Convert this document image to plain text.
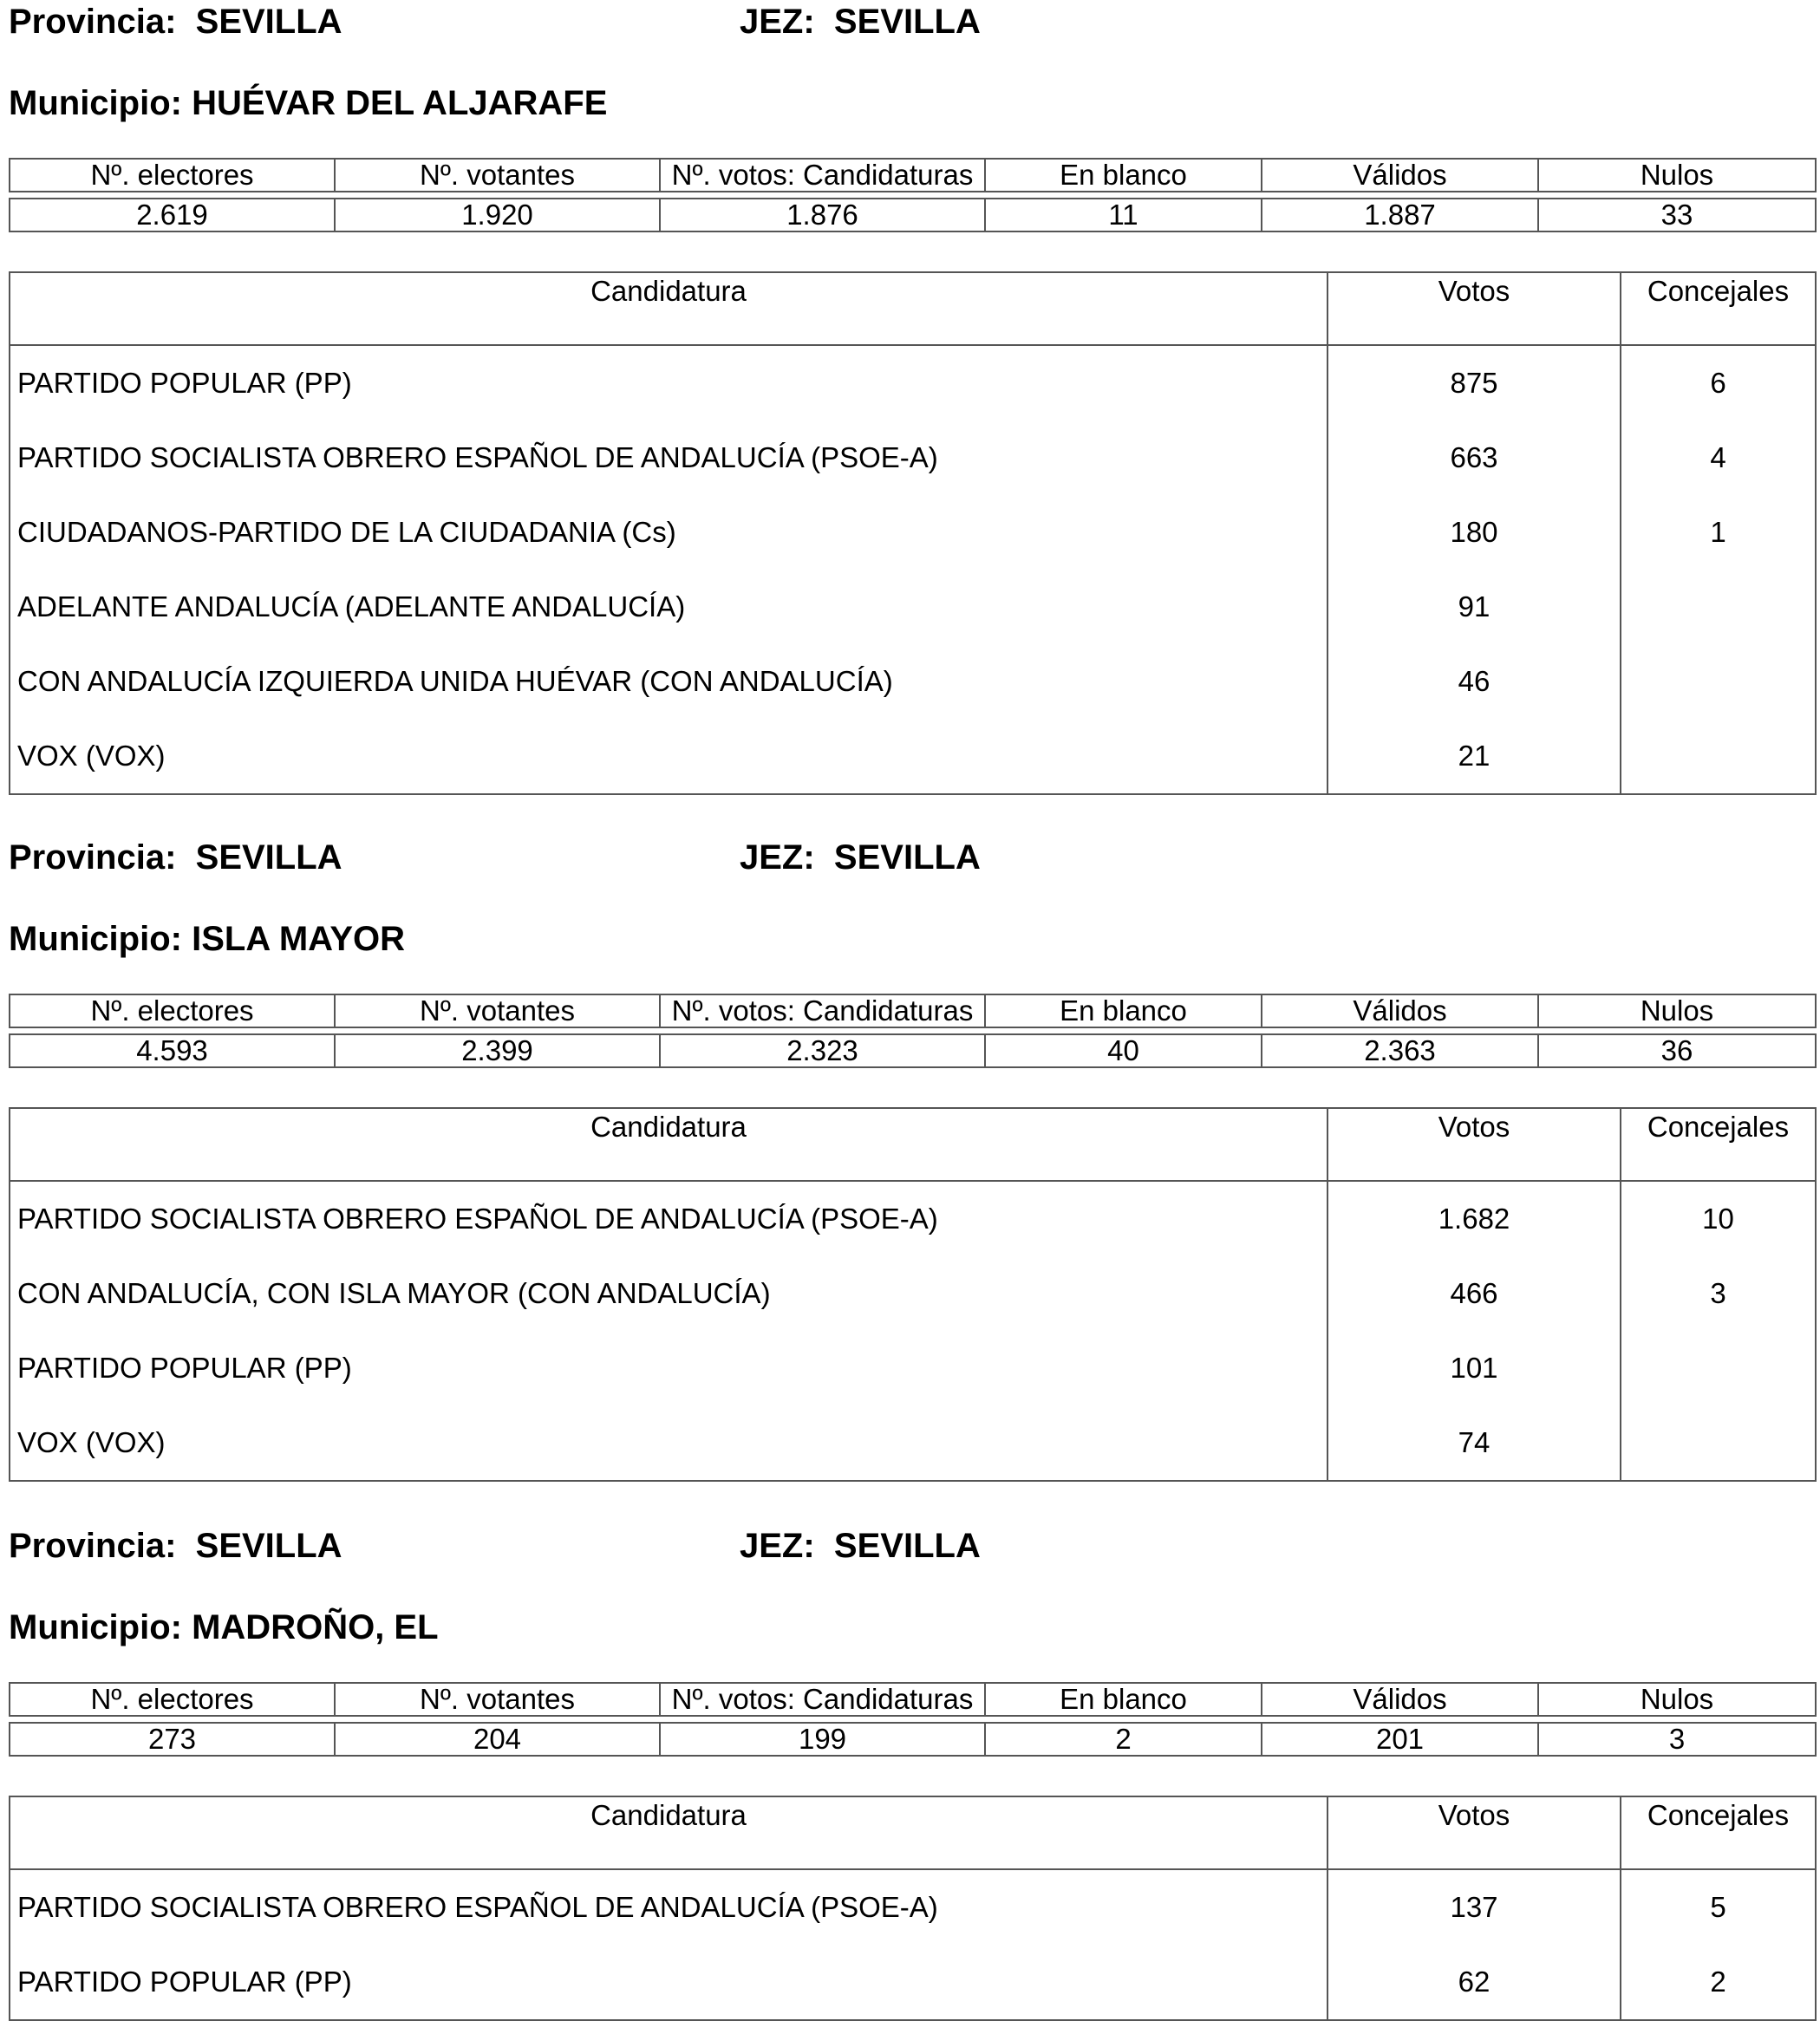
Provincia: SEVILLA	JEZ: SEVILLA
Municipio: HUÉVAR DEL ALJARAFE
Nº. electores	Nº. votantes	Nº. votos: Candidaturas	En blanco	Válidos	Nulos

2.619	1.920	1.876	11	1.887	33
Candidatura	Votos	Concejales
PARTIDO POPULAR (PP)	875	6
PARTIDO SOCIALISTA OBRERO ESPAÑOL DE ANDALUCÍA (PSOE-A)	663	4
CIUDADANOS-PARTIDO DE LA CIUDADANIA (Cs)	180	1
ADELANTE ANDALUCÍA (ADELANTE ANDALUCÍA)	91	
CON ANDALUCÍA IZQUIERDA UNIDA HUÉVAR (CON ANDALUCÍA)	46	
VOX (VOX)	21	
Provincia: SEVILLA	JEZ: SEVILLA
Municipio: ISLA MAYOR
Nº. electores	Nº. votantes	Nº. votos: Candidaturas	En blanco	Válidos	Nulos

4.593	2.399	2.323	40	2.363	36
Candidatura	Votos	Concejales
PARTIDO SOCIALISTA OBRERO ESPAÑOL DE ANDALUCÍA (PSOE-A)	1.682	10
CON ANDALUCÍA, CON ISLA MAYOR (CON ANDALUCÍA)	466	3
PARTIDO POPULAR (PP)	101	
VOX (VOX)	74	
Provincia: SEVILLA	JEZ: SEVILLA
Municipio: MADROÑO, EL
Nº. electores	Nº. votantes	Nº. votos: Candidaturas	En blanco	Válidos	Nulos

273	204	199	2	201	3
Candidatura	Votos	Concejales
PARTIDO SOCIALISTA OBRERO ESPAÑOL DE ANDALUCÍA (PSOE-A)	137	5
PARTIDO POPULAR (PP)	62	2
